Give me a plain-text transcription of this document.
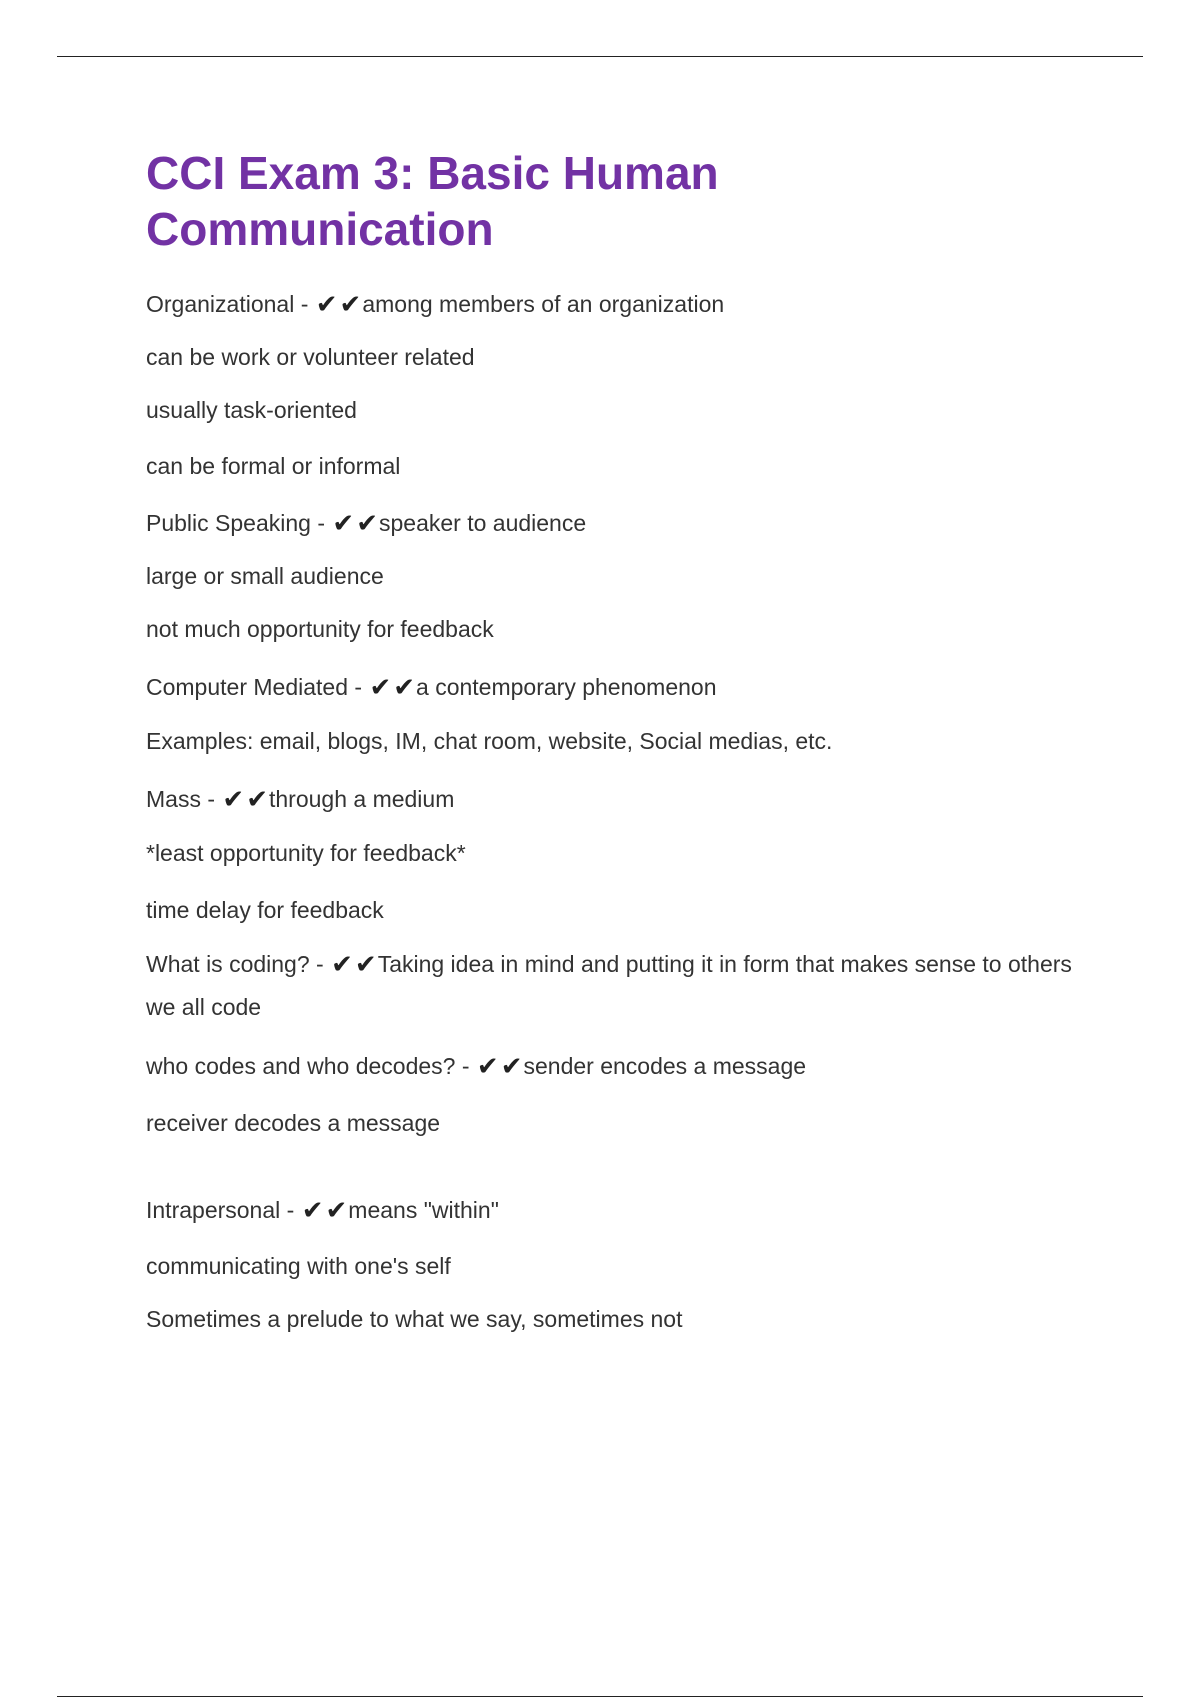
CCI Exam 3: Basic Human Communication

Organizational - ✔✔among members of an organization

can be work or volunteer related

usually task-oriented

can be formal or informal

Public Speaking - ✔✔speaker to audience

large or small audience

not much opportunity for feedback

Computer Mediated - ✔✔a contemporary phenomenon

Examples: email, blogs, IM, chat room, website, Social medias, etc.

Mass - ✔✔through a medium

*least opportunity for feedback*

time delay for feedback

What is coding? - ✔✔Taking idea in mind and putting it in form that makes sense to others

we all code

who codes and who decodes? - ✔✔sender encodes a message

receiver decodes a message

Intrapersonal - ✔✔means "within"

communicating with one's self

Sometimes a prelude to what we say, sometimes not
